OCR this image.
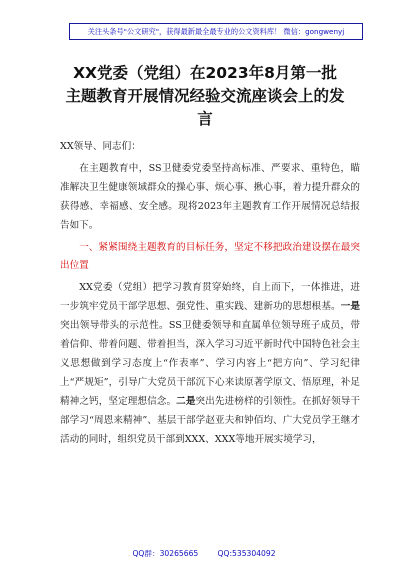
关注头条号"公文研究"，获得最新最全最专业的公文资料库！ 微信：gongwenyj
XX党委（党组）在2023年8月第一批
主题教育开展情况经验交流座谈会上的发
言

XX领导、同志们：

在主题教育中，SS卫健委党委坚持高标准、严要求、重特色，瞄准解决卫生健康领域群众的操心事、烦心事、揪心事，着力提升群众的获得感、幸福感、安全感。现将2023年主题教育工作开展情况总结报告如下。

一、紧紧围绕主题教育的目标任务，坚定不移把政治建设摆在最突出位置

XX党委（党组）把学习教育贯穿始终，自上而下，一体推进，进一步筑牢党员干部学思想、强党性、重实践、建新功的思想根基。一是突出领导带头的示范性。SS卫健委领导和直属单位领导班子成员，带着信仰、带着问题、带着担当，深入学习习近平新时代中国特色社会主义思想做到学习态度上“作表率”、学习内容上“把方向”、学习纪律上“严规矩”，引导广大党员干部沉下心来读原著学原文、悟原理，补足精神之钙，坚定理想信念。二是突出先进榜样的引领性。在抓好领导干部学习“周恩来精神”、基层干部学赵亚夫和钟佰均、广大党员学王继才活动的同时，组织党员干部到XXX、XXX等地开展实境学习，

QQ群：30265665	QQ:535304092
